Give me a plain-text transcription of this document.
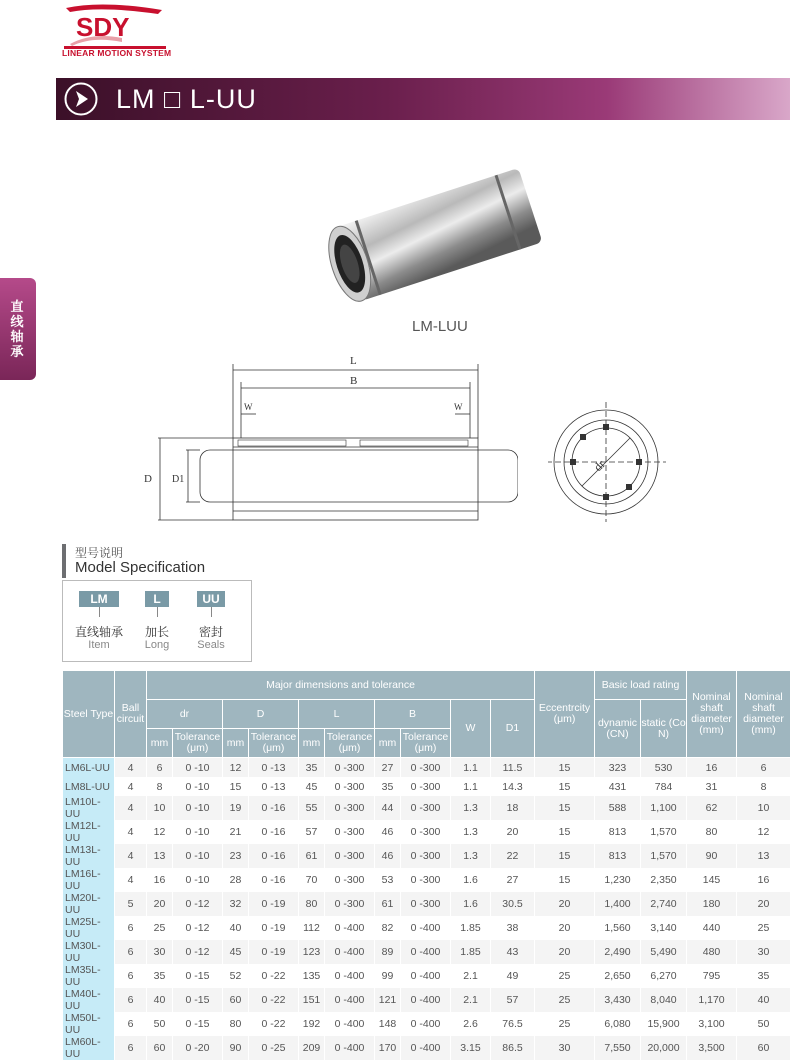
SDY
LINEAR MOTION SYSTEM
LM □ L-UU
直线轴承
LM-LUU
L
B
W	W
D D1
dr
型号说明
Model Specification
LM
直线轴承
Item
L
加长
Long
UU
密封
Seals
Steel Type	Ball circuit	Major dimensions and tolerance										Eccentrcity (μm)	Basic load rating		Nominal shaft diameter (mm)	Nominal shaft diameter (mm)
		dr		D		L		B		W	D1		dynamic (CN)	static (Co N)		
		mm	Tolerance (μm)	mm	Tolerance (μm)	mm	Tolerance (μm)	mm	Tolerance (μm)							
LM6L-UU	4	6	0 -10	12	0 -13	35	0 -300	27	0 -300	1.1	11.5	15	323	530	16	6
LM8L-UU	4	8	0 -10	15	0 -13	45	0 -300	35	0 -300	1.1	14.3	15	431	784	31	8
LM10L-UU	4	10	0 -10	19	0 -16	55	0 -300	44	0 -300	1.3	18	15	588	1,100	62	10
LM12L-UU	4	12	0 -10	21	0 -16	57	0 -300	46	0 -300	1.3	20	15	813	1,570	80	12
LM13L-UU	4	13	0 -10	23	0 -16	61	0 -300	46	0 -300	1.3	22	15	813	1,570	90	13
LM16L-UU	4	16	0 -10	28	0 -16	70	0 -300	53	0 -300	1.6	27	15	1,230	2,350	145	16
LM20L-UU	5	20	0 -12	32	0 -19	80	0 -300	61	0 -300	1.6	30.5	20	1,400	2,740	180	20
LM25L-UU	6	25	0 -12	40	0 -19	112	0 -400	82	0 -400	1.85	38	20	1,560	3,140	440	25
LM30L-UU	6	30	0 -12	45	0 -19	123	0 -400	89	0 -400	1.85	43	20	2,490	5,490	480	30
LM35L-UU	6	35	0 -15	52	0 -22	135	0 -400	99	0 -400	2.1	49	25	2,650	6,270	795	35
LM40L-UU	6	40	0 -15	60	0 -22	151	0 -400	121	0 -400	2.1	57	25	3,430	8,040	1,170	40
LM50L-UU	6	50	0 -15	80	0 -22	192	0 -400	148	0 -400	2.6	76.5	25	6,080	15,900	3,100	50
LM60L-UU	6	60	0 -20	90	0 -25	209	0 -400	170	0 -400	3.15	86.5	30	7,550	20,000	3,500	60
